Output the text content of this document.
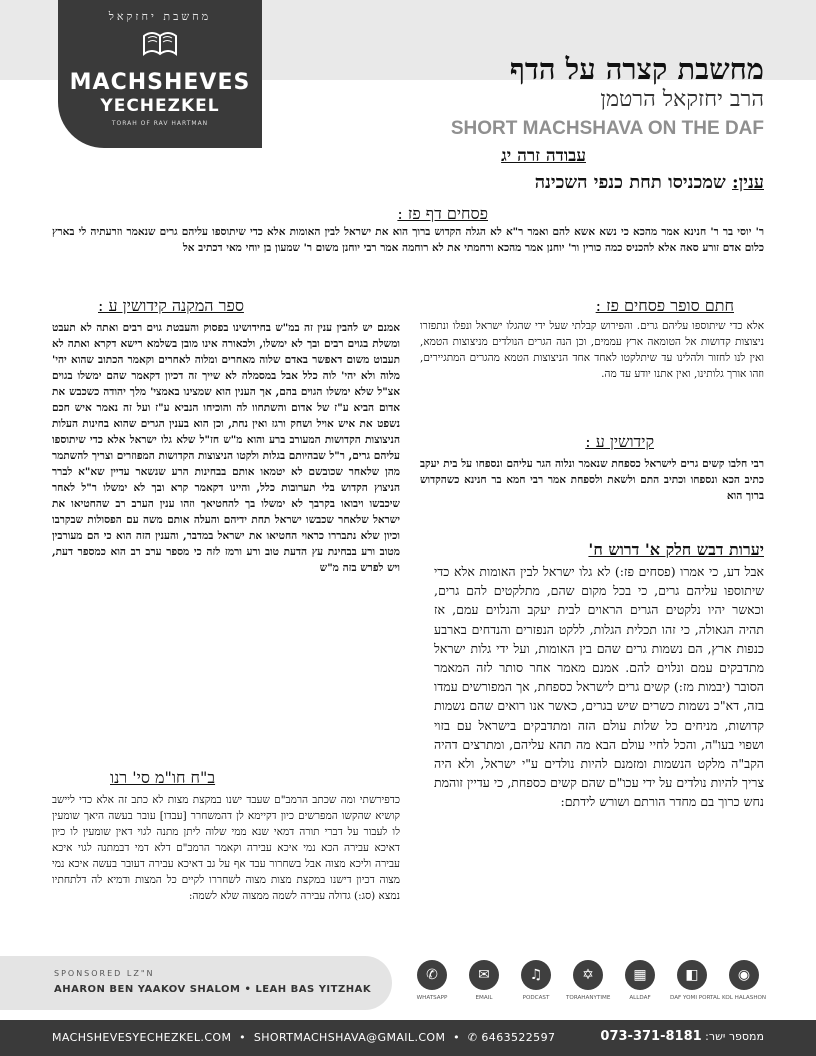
מחשבת יחזקאל
MACHSHEVES
YECHEZKEL
TORAH OF RAV HARTMAN
מחשבת קצרה על הדף
הרב יחזקאל הרטמן
SHORT MACHSHAVA ON THE DAF
עבודה זרה יג
ענין: שמכניסו תחת כנפי השכינה
פסחים דף פז :

ר' יוסי בר ר' חנינא אמר מהכא כי נשא אשא להם ואמר ר"א לא הגלה הקדוש ברוך הוא את ישראל לבין האומות אלא כדי שיתוספו עליהם גרים שנאמר וזרעתיה לי בארץ כלום אדם זורע סאה אלא להכניס כמה כורין ור' יוחנן אמר מהכא ורחמתי את לא רוחמה אמר רבי יוחנן משום ר' שמעון בן יוחי מאי דכתיב אל

ספר המקנה קידושין ע :

אמנם יש להבין ענין זה במ"ש בחידושינו בפסוק והעבטת גוים רבים ואתה לא תעבט ומשלת בגוים רבים ובך לא ימשלו, ולכאורה אינו מובן בשלמא רישא דקרא ואתה לא תעבוט משום דאפשר באדם שלוה מאחרים ומלוה לאחרים וקאמר הכתוב שהוא יהי' מלוה ולא יהי' לוה כלל אבל במסמלה לא שייך זה דכיון דקאמר שהם ימשלו בגוים אצ"ל שלא ימשלו הגוים בהם, אך הענין הוא שמצינו באמצי' מלך יהודה כשכבש את אדום הביא ע"ז של אדום והשתחוו לה והוכיחו הנביא ע"ז ועל זה נאמר איש חכם נשפט את איש אויל ושחק ורגז ואין נחת, וכן הוא בענין הגרים שהוא בחינות העלות הניצוצות הקדושות המעורב ברע והוא מ"ש חז"ל שלא גלו ישראל אלא כדי שיתוספו עליהם גרים, ר"ל שבהיותם בגלות ולקטו הניצוצות הקדושות המפוזרים וצריך להשתמר מהן שלאחר שכובשם לא יטמאו אותם בבחינות הרע שנשאר עדיין שא"א לברר הניצוץ הקדוש בלי תערובות כלל, והיינו דקאמר קרא ובך לא ימשלו ר"ל לאחר שיכבשו ויבואו בקרבך לא ימשלו בך להחטיאך וזהו ענין הערב רב שהחטיאו את ישראל שלאחר שכבשו ישראל תחת ידיהם והעלה אותם משה עם הפסולות שבקרבו וכיון שלא נתבררו כראוי החטיאו את ישראל במדבר, והענין הזה הוא כי הם מעורבין מטוב ורע בבחינת עץ הדעת טוב ורע ורמז לזה כי מספר ערב רב הוא כמספר דעת, ויש לפרש בזה מ"ש

חתם סופר פסחים פז :

אלא כדי שיתוספו עליהם גרים. והפירוש קבלתי שעל ידי שהגלו ישראל ונפלו ונתפזרו ניצוצות קדושות אל הטומאה ארץ עממים, וכן הנה הגרים הנולדים מניצוצות הטמא, ואין לנו לחזור ולהלינו עד שיתלקטו לאחד אחד הניצוצות הטמא מהגרים המתגיירים, וזהו אורך גלותינו, ואין אתנו יודע עד מה.

קידושין ע :

רבי חלבו קשים גרים לישראל כספחת שנאמר ונלוה הגר עליהם ונספחו על בית יעקב כתיב הכא ונספחו וכתיב התם ולשאת ולספחת אמר רבי חמא בר חנינא כשהקדוש ברוך הוא

יערות דבש חלק א' דרוש ח'

אבל דע, כי אמרו (פסחים פז:) לא גלו ישראל לבין האומות אלא כדי שיתוספו עליהם גרים, כי בכל מקום שהם, מתלקטים להם גרים, וכאשר יהיו נלקטים הגרים הראוים לבית יעקב והנלוים עמם, אז תהיה הגאולה, כי זהו תכלית הגלות, ללקט הנפזרים והנדחים בארבע כנפות ארץ, הם נשמות גרים שהם בין האומות, ועל ידי גלות ישראל מתדבקים עמם ונלוים להם. אמנם מאמר אחר סותר לזה המאמר הסובר (יבמות מז:) קשים גרים לישראל כספחת, אך המפורשים עמדו בזה, דא"כ נשמות כשרים שיש בגרים, כאשר אנו רואים שהם נשמות קדושות, מניחים כל שלות עולם הזה ומתדבקים בישראל עם בזוי ושפוי בעו"ה, והכל לחיי עולם הבא מה תהא עליהם, ומתרצים דהיה הקב"ה מלקט הנשמות ומזמנם להיות נולדים ע"י ישראל, ולא היה צריך להיות נולדים על ידי עכו"ם שהם קשים כספחת, כי עדיין זוהמת נחש כרוך בם מחדר הורתם ושורש לידתם:

ב"ח חו"מ סי' רנו

כדפירשתי ומה שכתב הרמב"ם שעבד ישנו במקצת מצות לא כתב זה אלא כדי ליישב קושיא שהקשו המפרשים כיון דקיימא לן דהמשחרר [עבדו] עובר בעשה היאך שומעין לו לעבור על דברי תורה דמאי שנא ממי שלוה ליתן מתנה לגוי דאין שומעין לו כיון דאיכא עבירה הכא נמי איכא עבירה וקאמר הרמב"ם דלא דמי דבמתנה לגוי איכא עבירה וליכא מצוה אבל בשחרור עבד אף על גב דאיכא עבירה דעובר בעשה איכא נמי מצוה דכיון דישנו במקצת מצות מצוה לשחררו לקיים כל המצות ודמיא לה דלתחתיו נמצא (סג:) גדולה עבירה לשמה ממצוה שלא לשמה:

SPONSORED LZ"N
AHARON BEN YAAKOV SHALOM • LEAH BAS YITZHAK
✆
WHATSAPP
✉
EMAIL
♫
PODCAST
✡
TORAHANYTIME
▦
ALLDAF
◧
DAF YOMI PORTAL
◉
KOL HALASHON
MACHSHEVESYECHEZKEL.COM  •  SHORTMACHSHAVA@GMAIL.COM  •  ✆ 6463522597	ממספר ישר: 073-371-8181
